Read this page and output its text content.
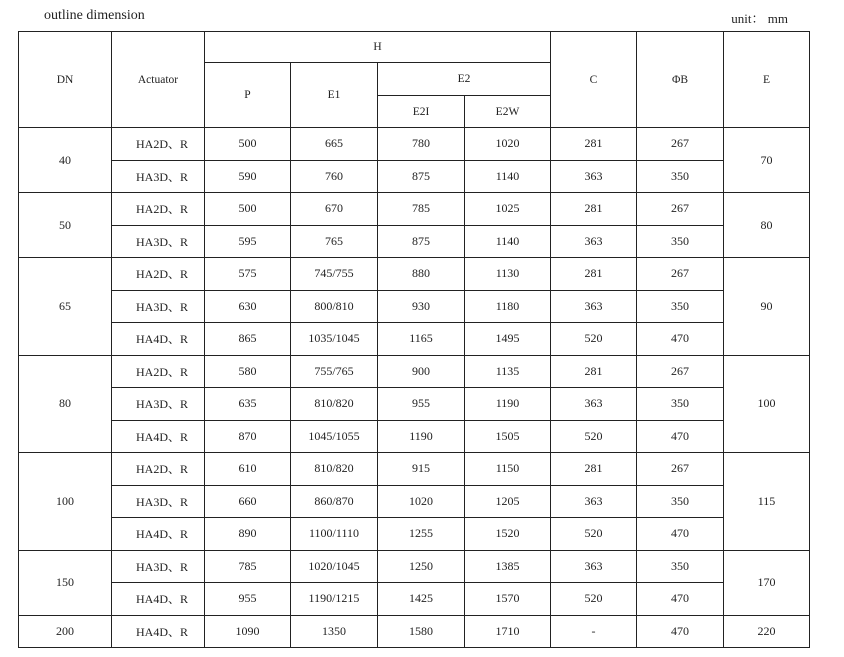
outline dimension	unit： mm
DN	Actuator	H				C	ΦB	E
		P	E1	E2				
				E2I	E2W			
40	HA2D、R	500	665	780	1020	281	267	70
	HA3D、R	590	760	875	1140	363	350	
50	HA2D、R	500	670	785	1025	281	267	80
	HA3D、R	595	765	875	1140	363	350	
65	HA2D、R	575	745/755	880	1130	281	267	90
	HA3D、R	630	800/810	930	1180	363	350	
	HA4D、R	865	1035/1045	1165	1495	520	470	
80	HA2D、R	580	755/765	900	1135	281	267	100
	HA3D、R	635	810/820	955	1190	363	350	
	HA4D、R	870	1045/1055	1190	1505	520	470	
100	HA2D、R	610	810/820	915	1150	281	267	115
	HA3D、R	660	860/870	1020	1205	363	350	
	HA4D、R	890	1100/1110	1255	1520	520	470	
150	HA3D、R	785	1020/1045	1250	1385	363	350	170
	HA4D、R	955	1190/1215	1425	1570	520	470	
200	HA4D、R	1090	1350	1580	1710	-	470	220
